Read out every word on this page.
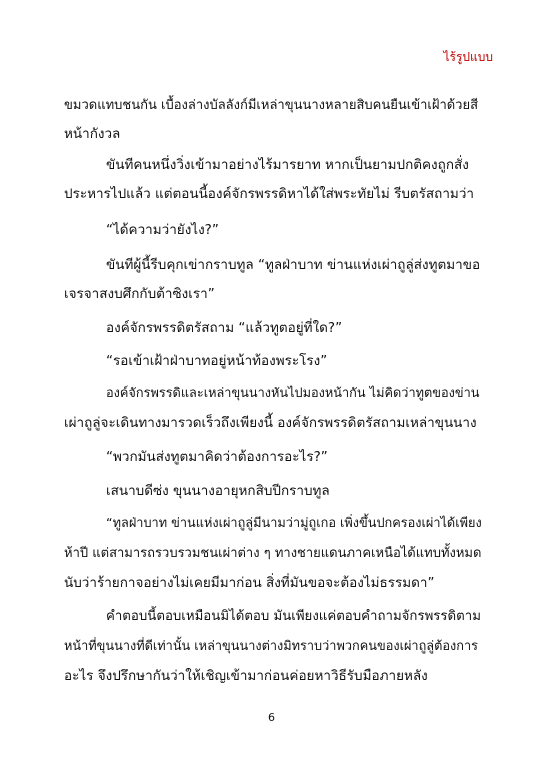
ไร้รูปแบบ
ขมวดแทบชนกัน เบื้องล่างบัลลังก์มีเหล่าขุนนางหลายสิบคนยืนเข้าเฝ้าด้วยสี
หน้ากังวล
ขันทีคนหนึ่งวิ่งเข้ามาอย่างไร้มารยาท หากเป็นยามปกติคงถูกสั่ง
ประหารไปแล้ว แต่ตอนนี้องค์จักรพรรดิหาได้ใส่พระทัยไม่ รีบตรัสถามว่า
“ได้ความว่ายังไง?”
ขันทีผู้นี้รีบคุกเข่ากราบทูล “ทูลฝ่าบาท ข่านแห่งเผ่าถูลู่ส่งทูตมาขอ
เจรจาสงบศึกกับต้าซิงเรา”
องค์จักรพรรดิตรัสถาม “แล้วทูตอยู่ที่ใด?”
“รอเข้าเฝ้าฝ่าบาทอยู่หน้าท้องพระโรง”
องค์จักรพรรดิและเหล่าขุนนางหันไปมองหน้ากัน ไม่คิดว่าทูตของข่าน
เผ่าถูลู่จะเดินทางมารวดเร็วถึงเพียงนี้ องค์จักรพรรดิตรัสถามเหล่าขุนนาง
“พวกมันส่งทูตมาคิดว่าต้องการอะไร?”
เสนาบดีซ่ง ขุนนางอายุหกสิบปีกราบทูล
“ทูลฝ่าบาท ข่านแห่งเผ่าถูลู่มีนามว่ามู่ถูเกอ เพิ่งขึ้นปกครองเผ่าได้เพียง
ห้าปี แต่สามารถรวบรวมชนเผ่าต่าง ๆ ทางชายแดนภาคเหนือได้แทบทั้งหมด
นับว่าร้ายกาจอย่างไม่เคยมีมาก่อน สิ่งที่มันขอจะต้องไม่ธรรมดา”
คำตอบนี้ตอบเหมือนมิได้ตอบ มันเพียงแค่ตอบคำถามจักรพรรดิตาม
หน้าที่ขุนนางที่ดีเท่านั้น เหล่าขุนนางต่างมิทราบว่าพวกคนของเผ่าถูลู่ต้องการ
อะไร จึงปรึกษากันว่าให้เชิญเข้ามาก่อนค่อยหาวิธีรับมือภายหลัง
6
